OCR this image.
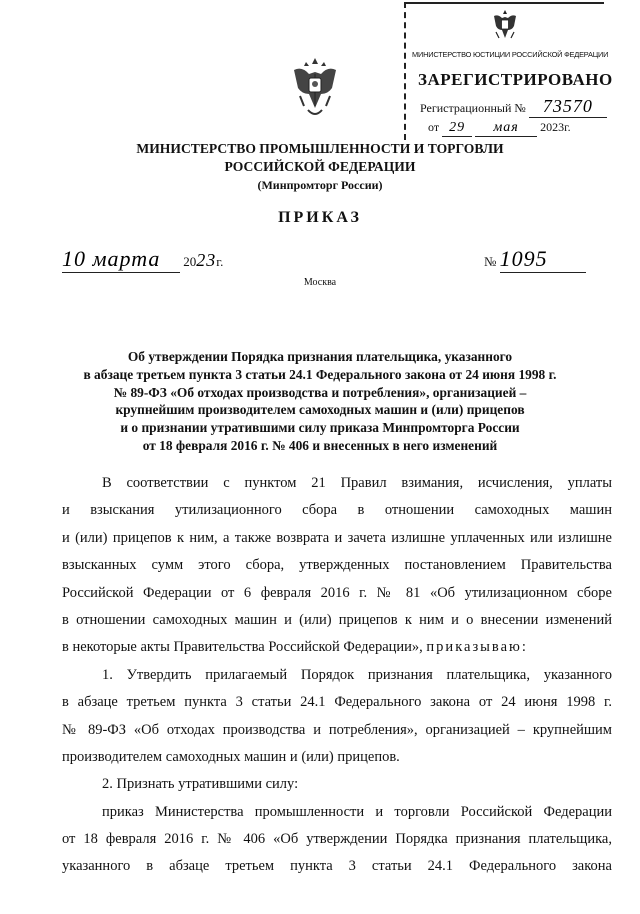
МИНИСТЕРСТВО ЮСТИЦИИ РОССИЙСКОЙ ФЕДЕРАЦИИ
ЗАРЕГИСТРИРОВАНО
Регистрационный № 73570
от 29 мая 2023г.
МИНИСТЕРСТВО ПРОМЫШЛЕННОСТИ И ТОРГОВЛИ
РОССИЙСКОЙ ФЕДЕРАЦИИ
(Минпромторг России)
ПРИКАЗ
10 марта 2023г.	№ 1095
Москва
Об утверждении Порядка признания плательщика, указанного
в абзаце третьем пункта 3 статьи 24.1 Федерального закона от 24 июня 1998 г.
№ 89-ФЗ «Об отходах производства и потребления», организацией –
крупнейшим производителем самоходных машин и (или) прицепов
и о признании утратившими силу приказа Минпромторга России
от 18 февраля 2016 г. № 406 и внесенных в него изменений
В соответствии с пунктом 21 Правил взимания, исчисления, уплаты
и взыскания утилизационного сбора в отношении самоходных машин
и (или) прицепов к ним, а также возврата и зачета излишне уплаченных или излишне
взысканных сумм этого сбора, утвержденных постановлением Правительства
Российской Федерации от 6 февраля 2016 г. № 81 «Об утилизационном сборе
в отношении самоходных машин и (или) прицепов к ним и о внесении изменений
в некоторые акты Правительства Российской Федерации», приказываю:
1. Утвердить прилагаемый Порядок признания плательщика, указанного
в абзаце третьем пункта 3 статьи 24.1 Федерального закона от 24 июня 1998 г.
№ 89-ФЗ «Об отходах производства и потребления», организацией – крупнейшим
производителем самоходных машин и (или) прицепов.
2. Признать утратившими силу:
приказ Министерства промышленности и торговли Российской Федерации
от 18 февраля 2016 г. № 406 «Об утверждении Порядка признания плательщика,
указанного в абзаце третьем пункта 3 статьи 24.1 Федерального закона
